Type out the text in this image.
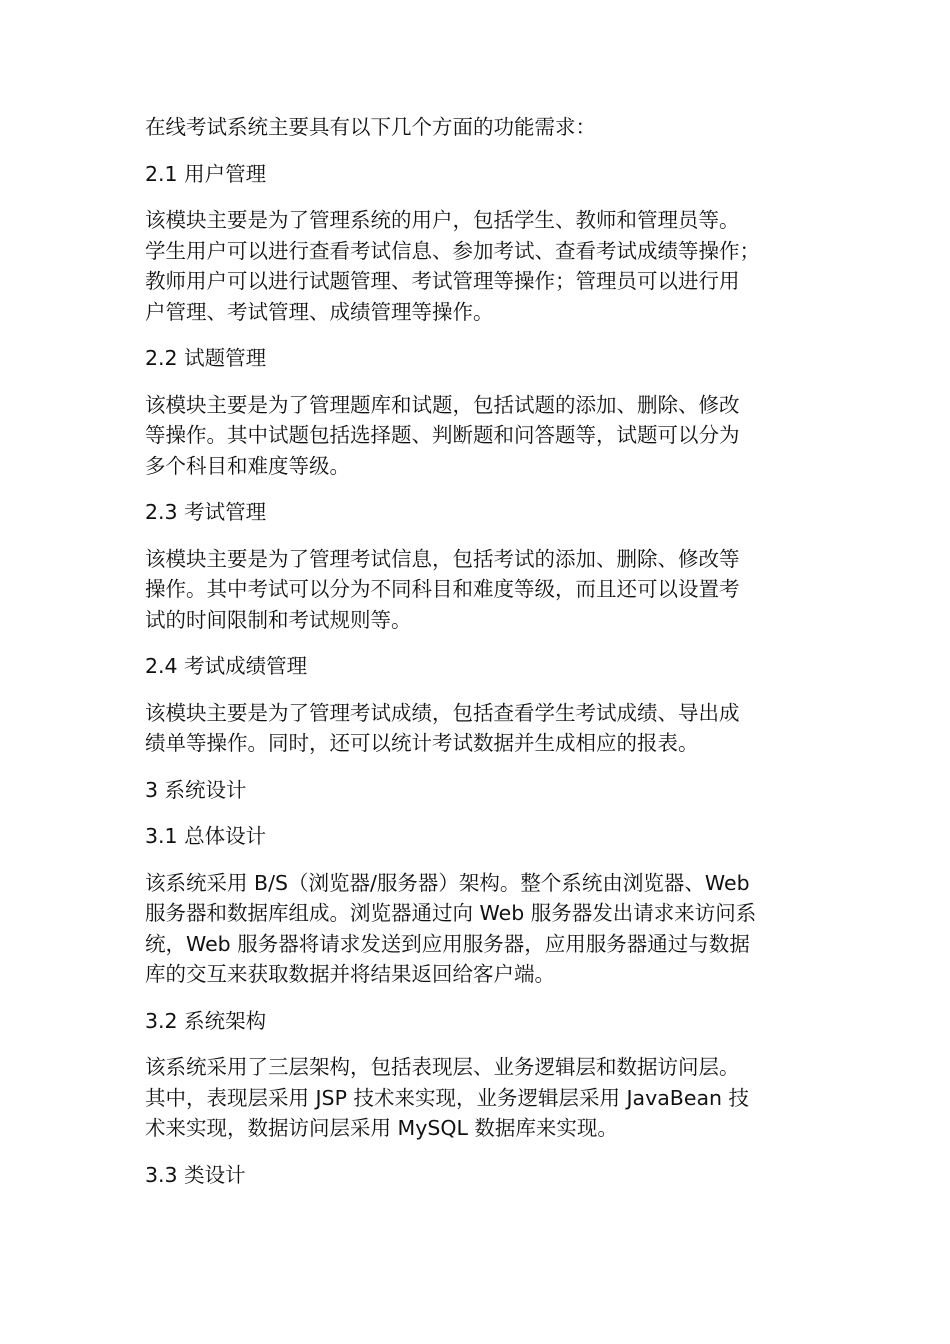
在线考试系统主要具有以下几个方面的功能需求：

2.1 用户管理

该模块主要是为了管理系统的用户，包括学生、教师和管理员等。
学生用户可以进行查看考试信息、参加考试、查看考试成绩等操作；
教师用户可以进行试题管理、考试管理等操作；管理员可以进行用
户管理、考试管理、成绩管理等操作。

2.2 试题管理

该模块主要是为了管理题库和试题，包括试题的添加、删除、修改
等操作。其中试题包括选择题、判断题和问答题等，试题可以分为
多个科目和难度等级。

2.3 考试管理

该模块主要是为了管理考试信息，包括考试的添加、删除、修改等
操作。其中考试可以分为不同科目和难度等级，而且还可以设置考
试的时间限制和考试规则等。

2.4 考试成绩管理

该模块主要是为了管理考试成绩，包括查看学生考试成绩、导出成
绩单等操作。同时，还可以统计考试数据并生成相应的报表。

3 系统设计

3.1 总体设计

该系统采用 B/S（浏览器/服务器）架构。整个系统由浏览器、Web
服务器和数据库组成。浏览器通过向 Web 服务器发出请求来访问系
统，Web 服务器将请求发送到应用服务器，应用服务器通过与数据
库的交互来获取数据并将结果返回给客户端。

3.2 系统架构

该系统采用了三层架构，包括表现层、业务逻辑层和数据访问层。
其中，表现层采用 JSP 技术来实现，业务逻辑层采用 JavaBean 技
术来实现，数据访问层采用 MySQL 数据库来实现。

3.3 类设计
